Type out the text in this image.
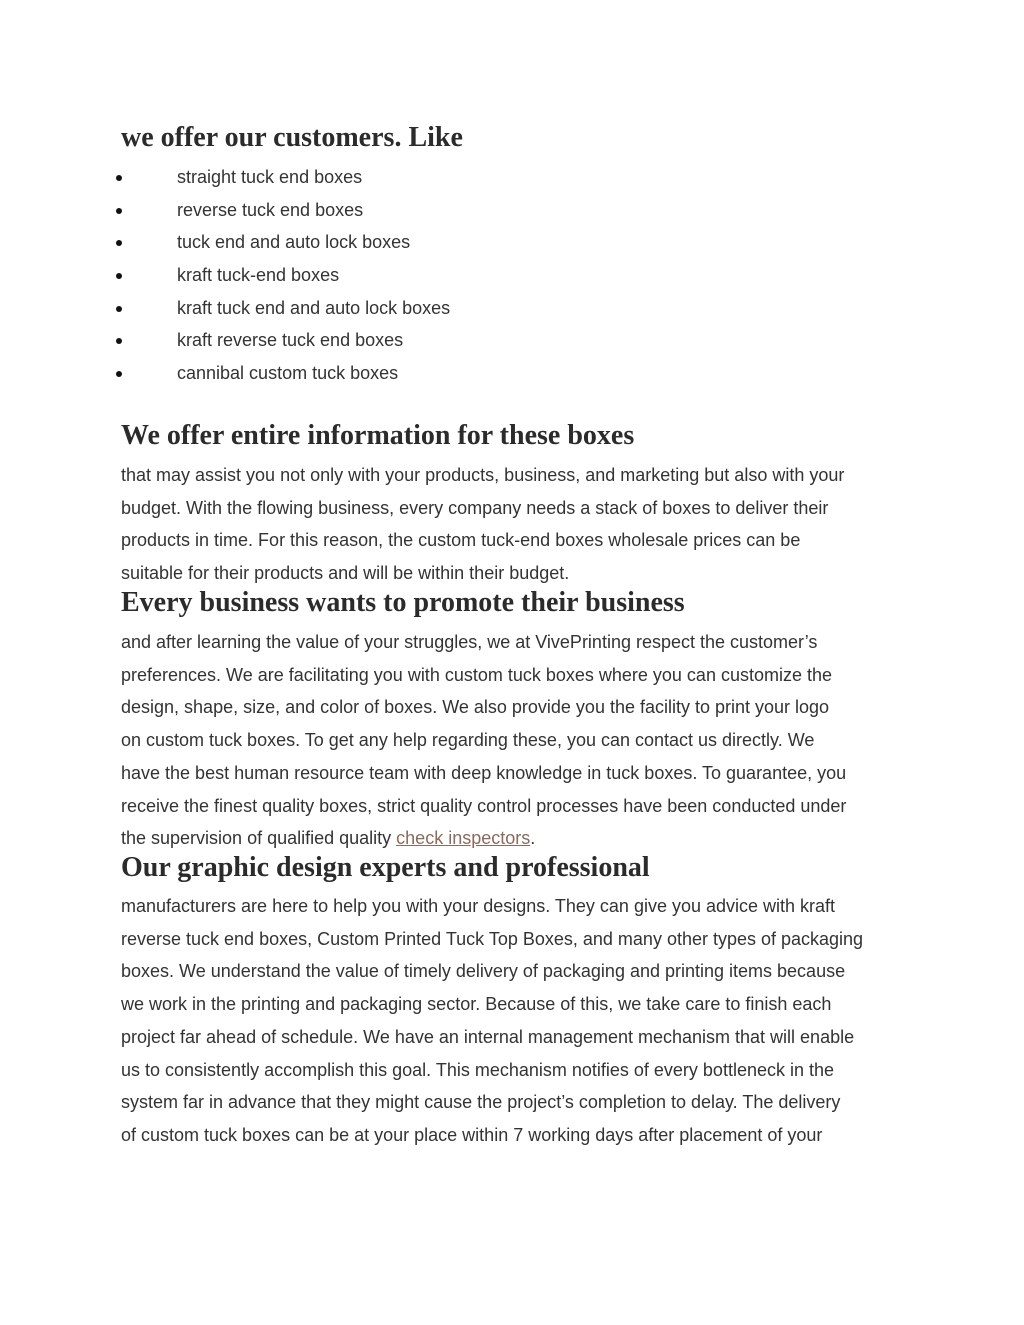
we offer our customers. Like
straight tuck end boxes
reverse tuck end boxes
tuck end and auto lock boxes
kraft tuck-end boxes
kraft tuck end and auto lock boxes
kraft reverse tuck end boxes
cannibal custom tuck boxes
We offer entire information for these boxes

that may assist you not only with your products, business, and marketing but also with your
budget. With the flowing business, every company needs a stack of boxes to deliver their
products in time. For this reason, the custom tuck-end boxes wholesale prices can be
suitable for their products and will be within their budget.

Every business wants to promote their business

and after learning the value of your struggles, we at VivePrinting respect the customer’s
preferences. We are facilitating you with custom tuck boxes where you can customize the
design, shape, size, and color of boxes. We also provide you the facility to print your logo
on custom tuck boxes. To get any help regarding these, you can contact us directly. We
have the best human resource team with deep knowledge in tuck boxes. To guarantee, you
receive the finest quality boxes, strict quality control processes have been conducted under
the supervision of qualified quality check inspectors.

Our graphic design experts and professional

manufacturers are here to help you with your designs. They can give you advice with kraft
reverse tuck end boxes, Custom Printed Tuck Top Boxes, and many other types of packaging
boxes. We understand the value of timely delivery of packaging and printing items because
we work in the printing and packaging sector. Because of this, we take care to finish each
project far ahead of schedule. We have an internal management mechanism that will enable
us to consistently accomplish this goal. This mechanism notifies of every bottleneck in the
system far in advance that they might cause the project’s completion to delay. The delivery
of custom tuck boxes can be at your place within 7 working days after placement of your
